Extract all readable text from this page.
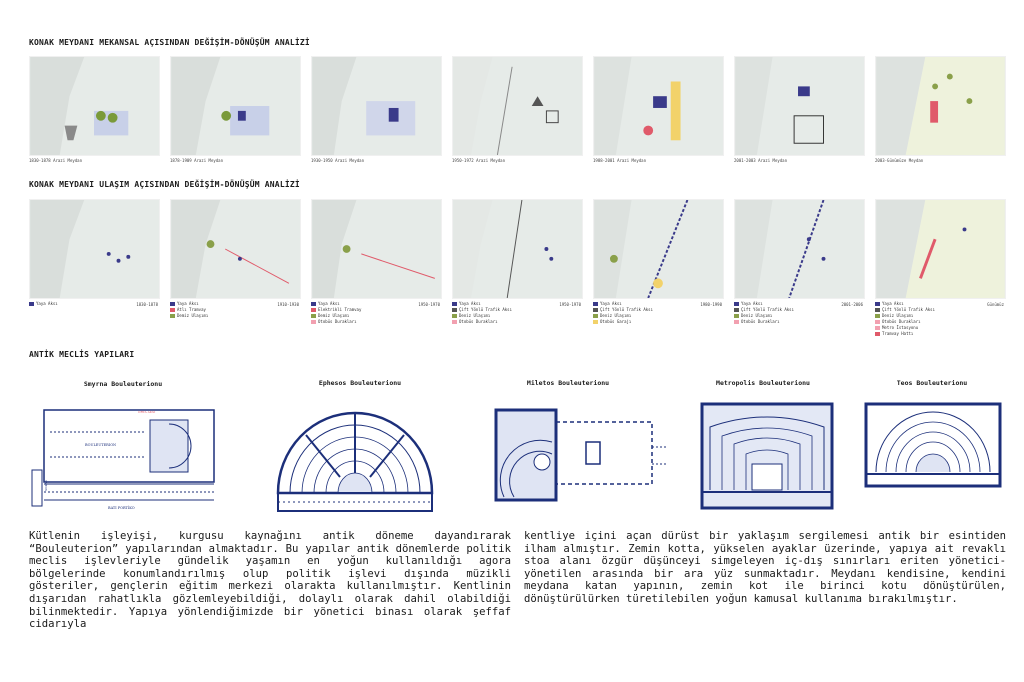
KONAK MEYDANI MEKANSAL AÇISINDAN DEĞİŞİM-DÖNÜŞÜM ANALİZİ
KONAK MEYDANI ULAŞIM AÇISINDAN DEĞİŞİM-DÖNÜŞÜM ANALİZİ
ANTİK MECLİS YAPILARI
1830-1878 Arazi Meydan	1878-1909 Arazi Meydan	1930-1950 Arazi Meydan	1950-1972 Arazi Meydan	1988-2001 Arazi Meydan	2001-2003 Arazi Meydan	2003-Günümüze Meydan
1830-1878
Yaya Aksı	1910-1930
Yaya Aksı
Atlı Tramvay
Demiz Ulaşımı
1950-1970
Yaya Aksı
Elektrikli Tramvay
Demiz Ulaşımı
Otobüs Durakları
1950-1970
Yaya Aksı
Çift Yönlü Trafik Aksı
Deniz Ulaşımı
Otobüs Durakları
1980-1990
Yaya Aksı
Çift Yönlü Trafik Aksı
Deniz Ulaşımı
Otobüs Garajı
2001-2006
Yaya Aksı
Çift Yönlü Trafik Aksı
Deniz Ulaşımı
Otobüs Durakları
Günümüz
Yaya Aksı
Çift Yönlü Trafik Aksı
Deniz Ulaşımı
Otobüs Durakları
Metro İstasyonu
Tramvay Hattı
Smyrna Bouleuterionu	Ephesos Bouleuterionu	Miletos Bouleuterionu	Metropolis Bouleuterionu	Teos Bouleuterionu
BOULEUTERION
ORTA AKSI
BATI PORTİKO
SOKAK
Kütlenin işleyişi, kurgusu kaynağını antik döneme dayandırarak “Bouleuterion” yapılarından almaktadır. Bu yapılar antik dönemlerde politik meclis işlevleriyle gündelik yaşamın en yoğun kullanıldığı agora bölgelerinde konumlandırılmış olup politik işlevi dışında müzikli gösteriler, gençlerin eğitim merkezi olaraktа kullanılmıştır. Kentlinin dışarıdan rahatlıkla gözlemleyebildiği, dolaylı olarak dahil olabildiği bilinmektedir. Yapıya yönlendiğimizde bir yönetici binası olarak şeffaf cidarıyla
kentliye içini açan dürüst bir yaklaşım sergilemesi antik bir esintiden ilham almıştır. Zemin kotta, yükselen ayaklar üzerinde, yapıya ait revaklı stoa alanı özgür düşünceyi simgeleyen iç-dış sınırları eriten yönetici-yönetilen arasında bir ara yüz sunmaktadır. Meydanı kendisine, kendini meydana katan yapının, zemin kot ile birinci kotu dönüştürülen, dönüştürülürken türetilebilen yoğun kamusal kullanıma bırakılmıştır.
